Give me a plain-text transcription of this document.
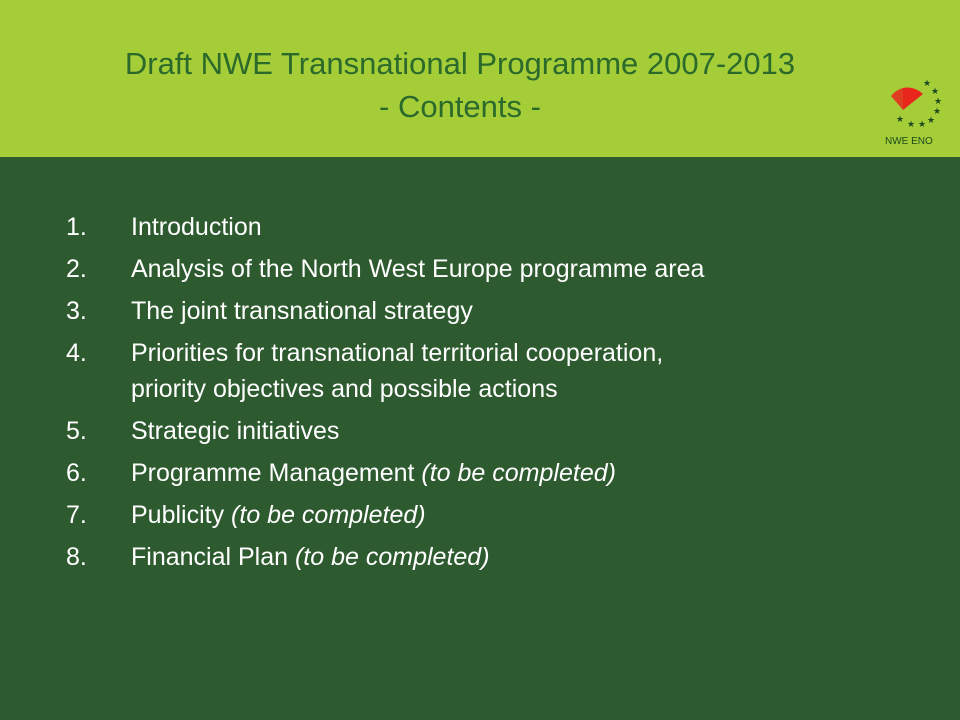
Draft NWE Transnational Programme 2007-2013
- Contents -
★
★
★
★
★
★
★
★
NWE ENO
1.	Introduction
2.	Analysis of the North West Europe programme area
3.	The joint transnational strategy
4.	Priorities for transnational territorial cooperation,
priority objectives and possible actions
5.	Strategic initiatives
6.	Programme Management (to be completed)
7.	Publicity (to be completed)
8.	Financial Plan (to be completed)
